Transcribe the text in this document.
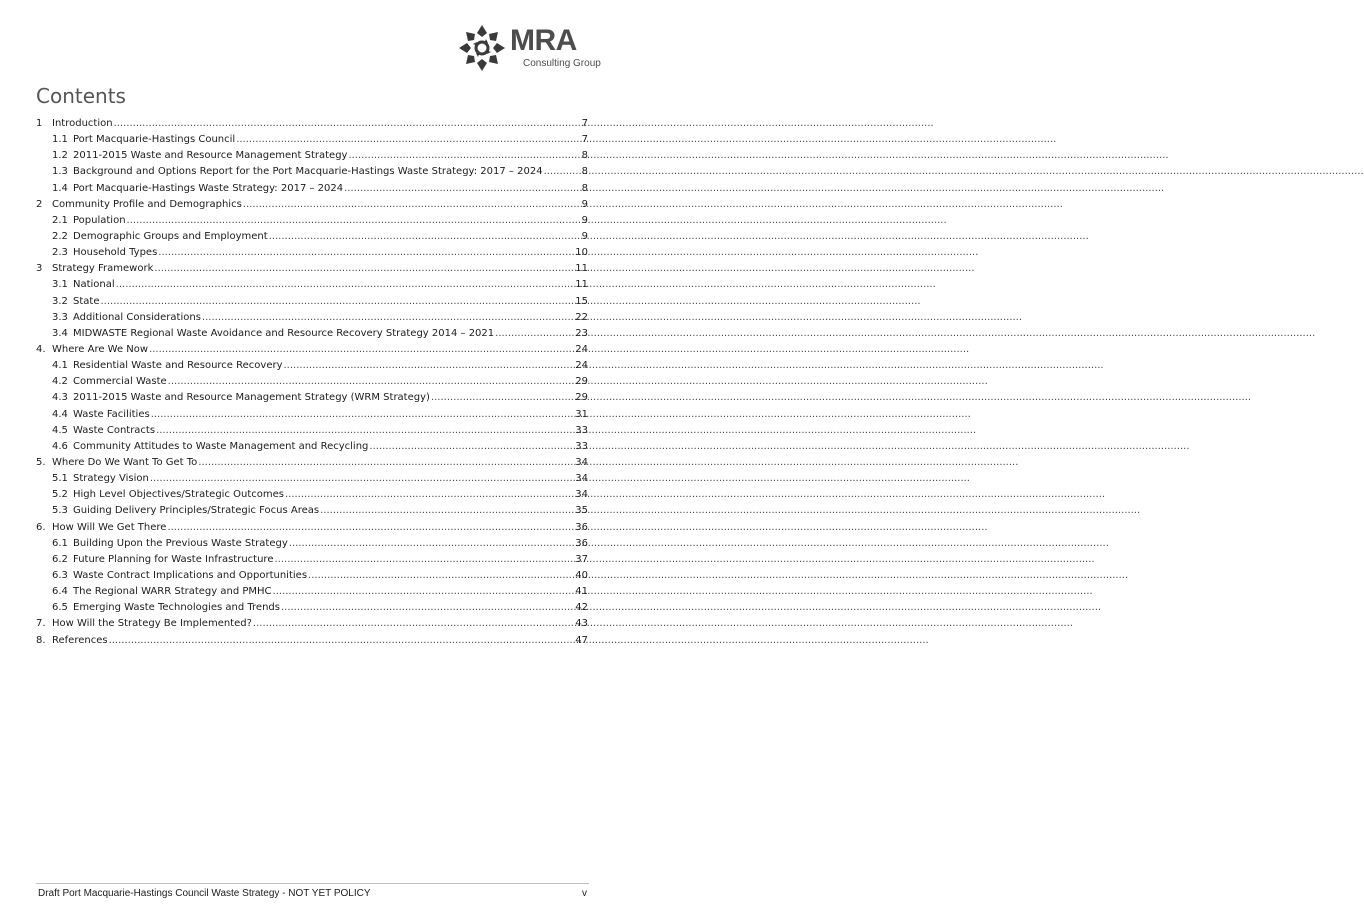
MRA
Consulting Group
Contents
1 Introduction .....	7
1.1 Port Macquarie-Hastings Council .....	7
1.2 2011-2015 Waste and Resource Management Strategy .....	8
1.3 Background and Options Report for the Port Macquarie-Hastings Waste Strategy: 2017 – 2024 .....	8
1.4 Port Macquarie-Hastings Waste Strategy: 2017 – 2024 .....	8
2 Community Profile and Demographics .....	9
2.1 Population .....	9
2.2 Demographic Groups and Employment .....	9
2.3 Household Types .....	10
3 Strategy Framework .....	11
3.1 National .....	11
3.2 State .....	15
3.3 Additional Considerations .....	22
3.4 MIDWASTE Regional Waste Avoidance and Resource Recovery Strategy 2014 – 2021 .....	23
4. Where Are We Now .....	24
4.1 Residential Waste and Resource Recovery .....	24
4.2 Commercial Waste .....	29
4.3 2011-2015 Waste and Resource Management Strategy (WRM Strategy) .....	29
4.4 Waste Facilities .....	31
4.5 Waste Contracts .....	33
4.6 Community Attitudes to Waste Management and Recycling .....	33
5. Where Do We Want To Get To .....	34
5.1 Strategy Vision .....	34
5.2 High Level Objectives/Strategic Outcomes .....	34
5.3 Guiding Delivery Principles/Strategic Focus Areas .....	35
6. How Will We Get There .....	36
6.1 Building Upon the Previous Waste Strategy .....	36
6.2 Future Planning for Waste Infrastructure .....	37
6.3 Waste Contract Implications and Opportunities .....	40
6.4 The Regional WARR Strategy and PMHC .....	41
6.5 Emerging Waste Technologies and Trends .....	42
7. How Will the Strategy Be Implemented? .....	43
8. References .....	47
Draft Port Macquarie-Hastings Council Waste Strategy - NOT YET POLICY	v
